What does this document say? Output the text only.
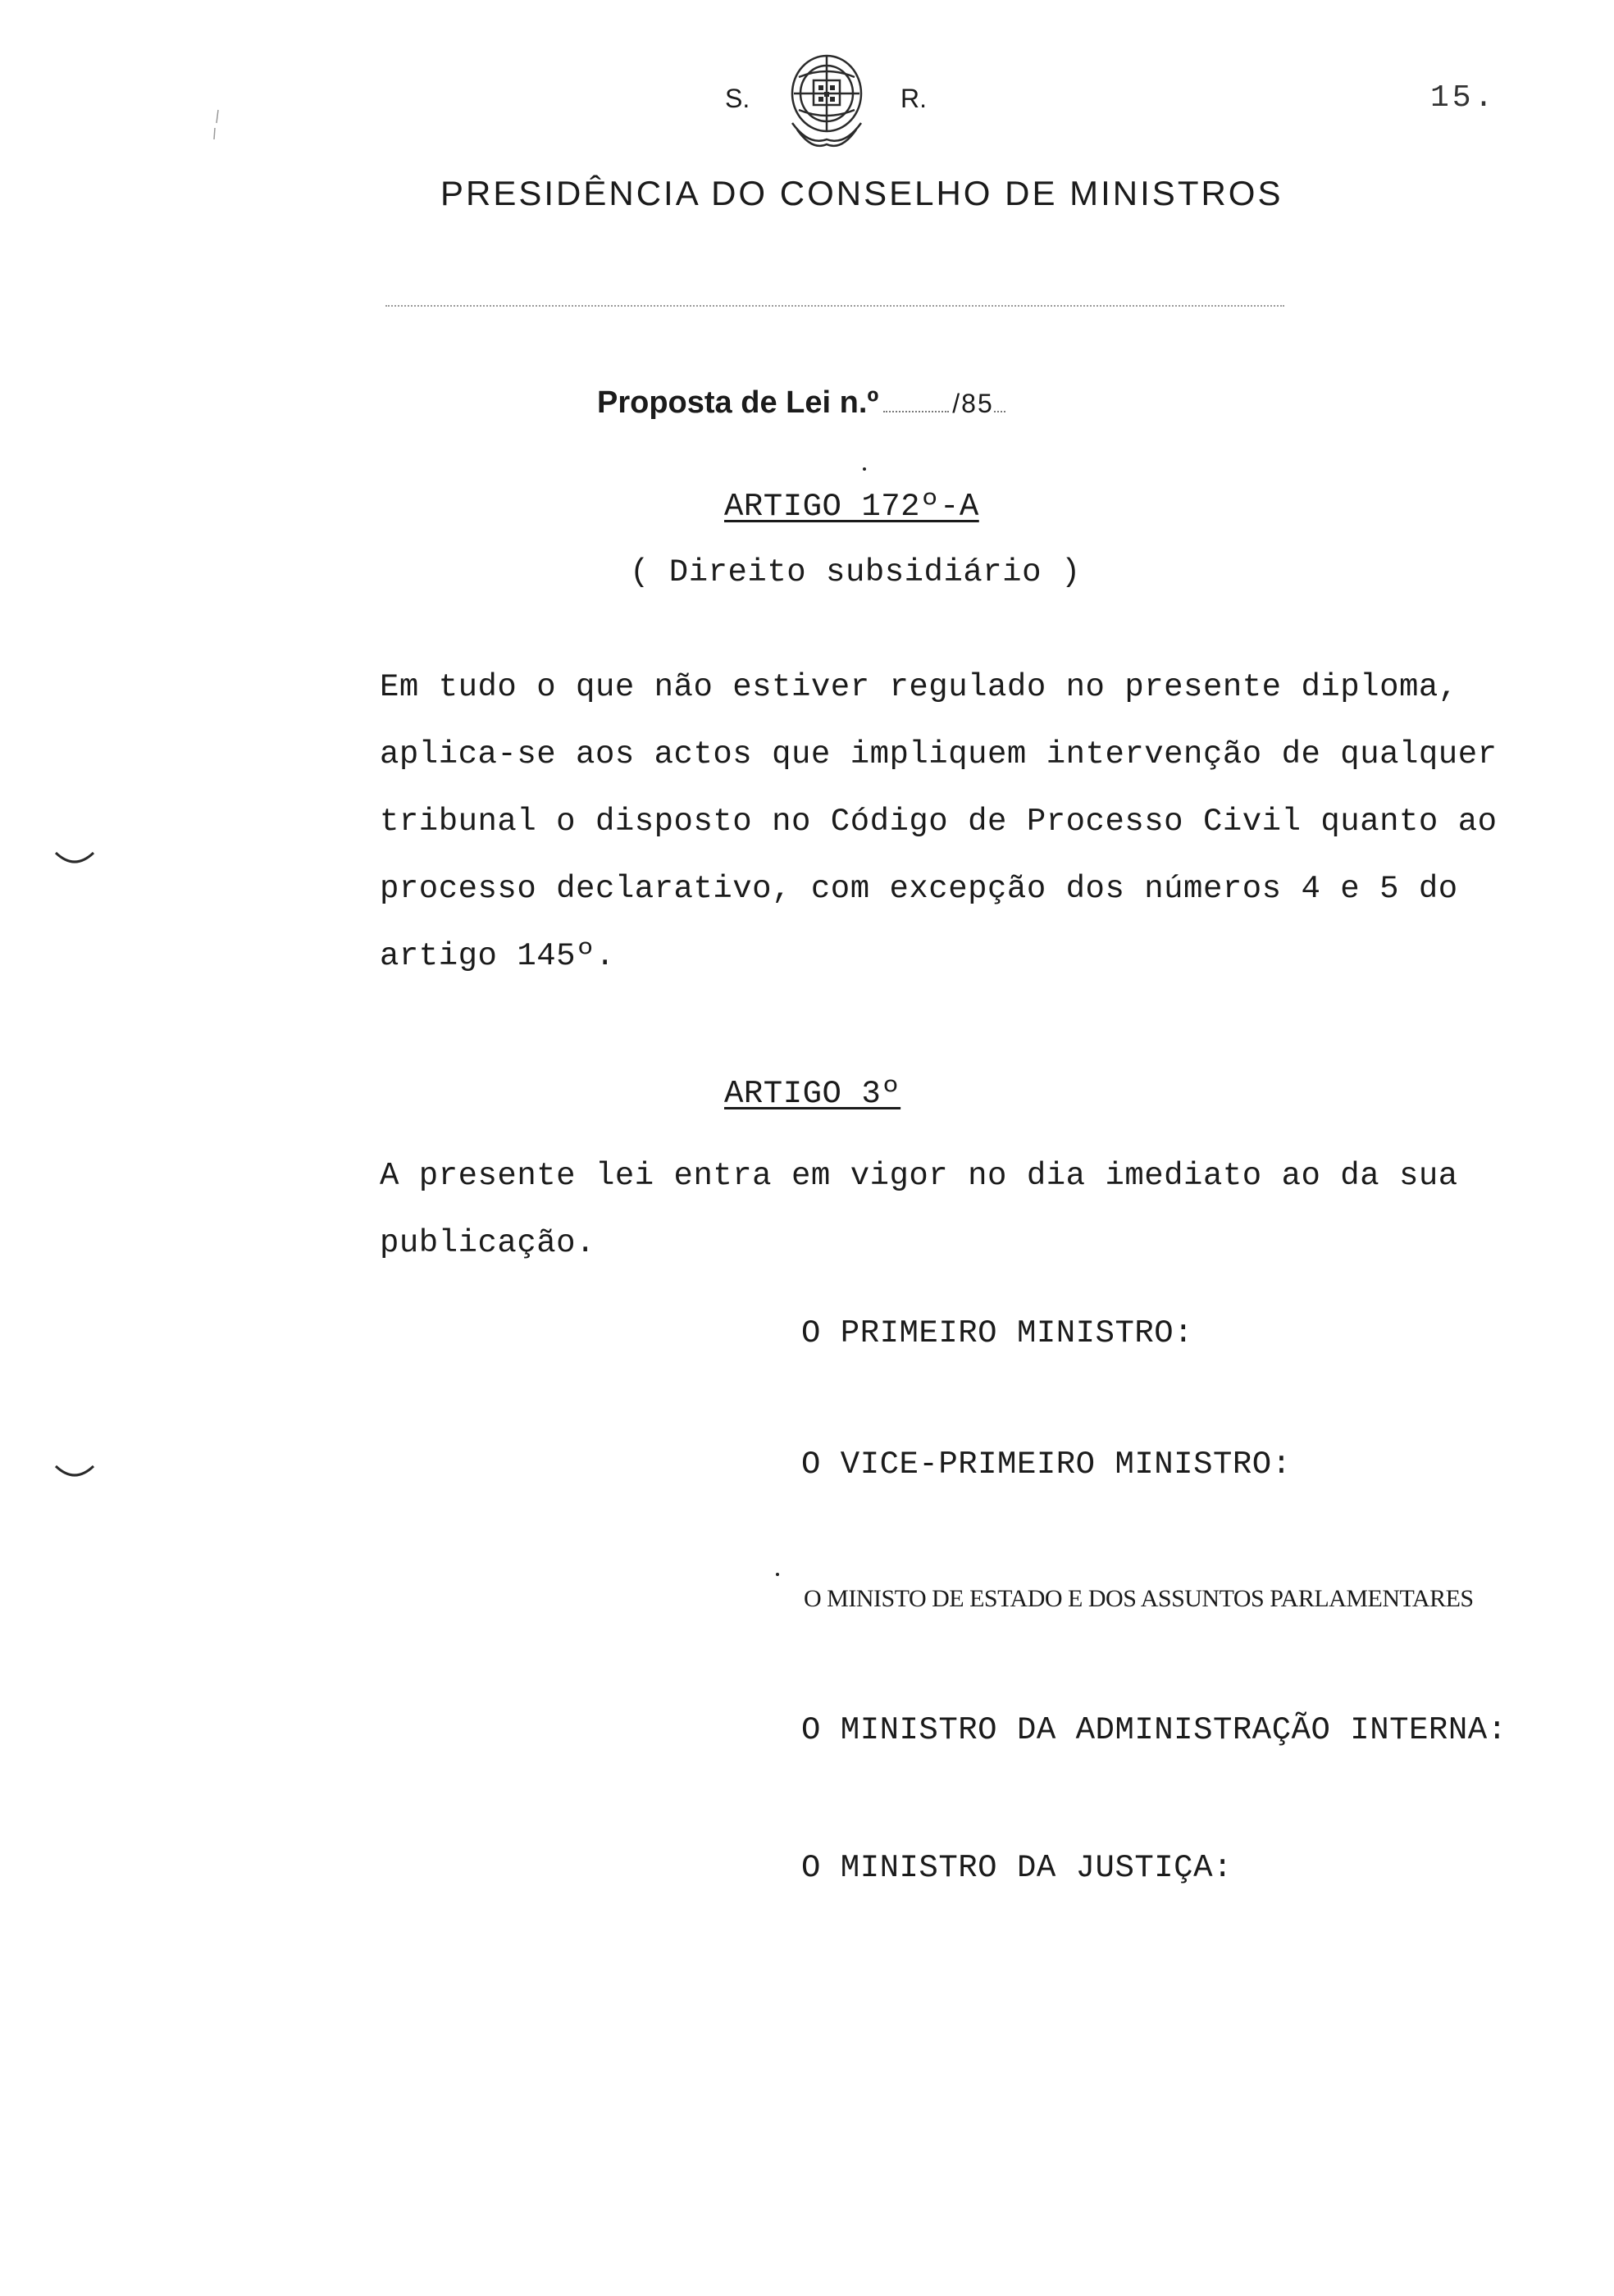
S.	R.	15.
PRESIDÊNCIA DO CONSELHO DE MINISTROS
Proposta de Lei n.º	/85
ARTIGO 172º-A
( Direito subsidiário )
Em tudo o que não estiver regulado no presente diploma,
aplica-se aos actos que impliquem intervenção de qualquer
tribunal o disposto no Código de Processo Civil quanto ao
processo declarativo, com excepção dos números 4 e 5 do
artigo 145º.
ARTIGO 3º
A presente lei entra em vigor no dia imediato ao da sua
publicação.
O PRIMEIRO MINISTRO:
O VICE-PRIMEIRO MINISTRO:
O MINISTO DE ESTADO E DOS ASSUNTOS PARLAMENTARES
O MINISTRO DA ADMINISTRAÇÃO INTERNA:
O MINISTRO DA JUSTIÇA:
